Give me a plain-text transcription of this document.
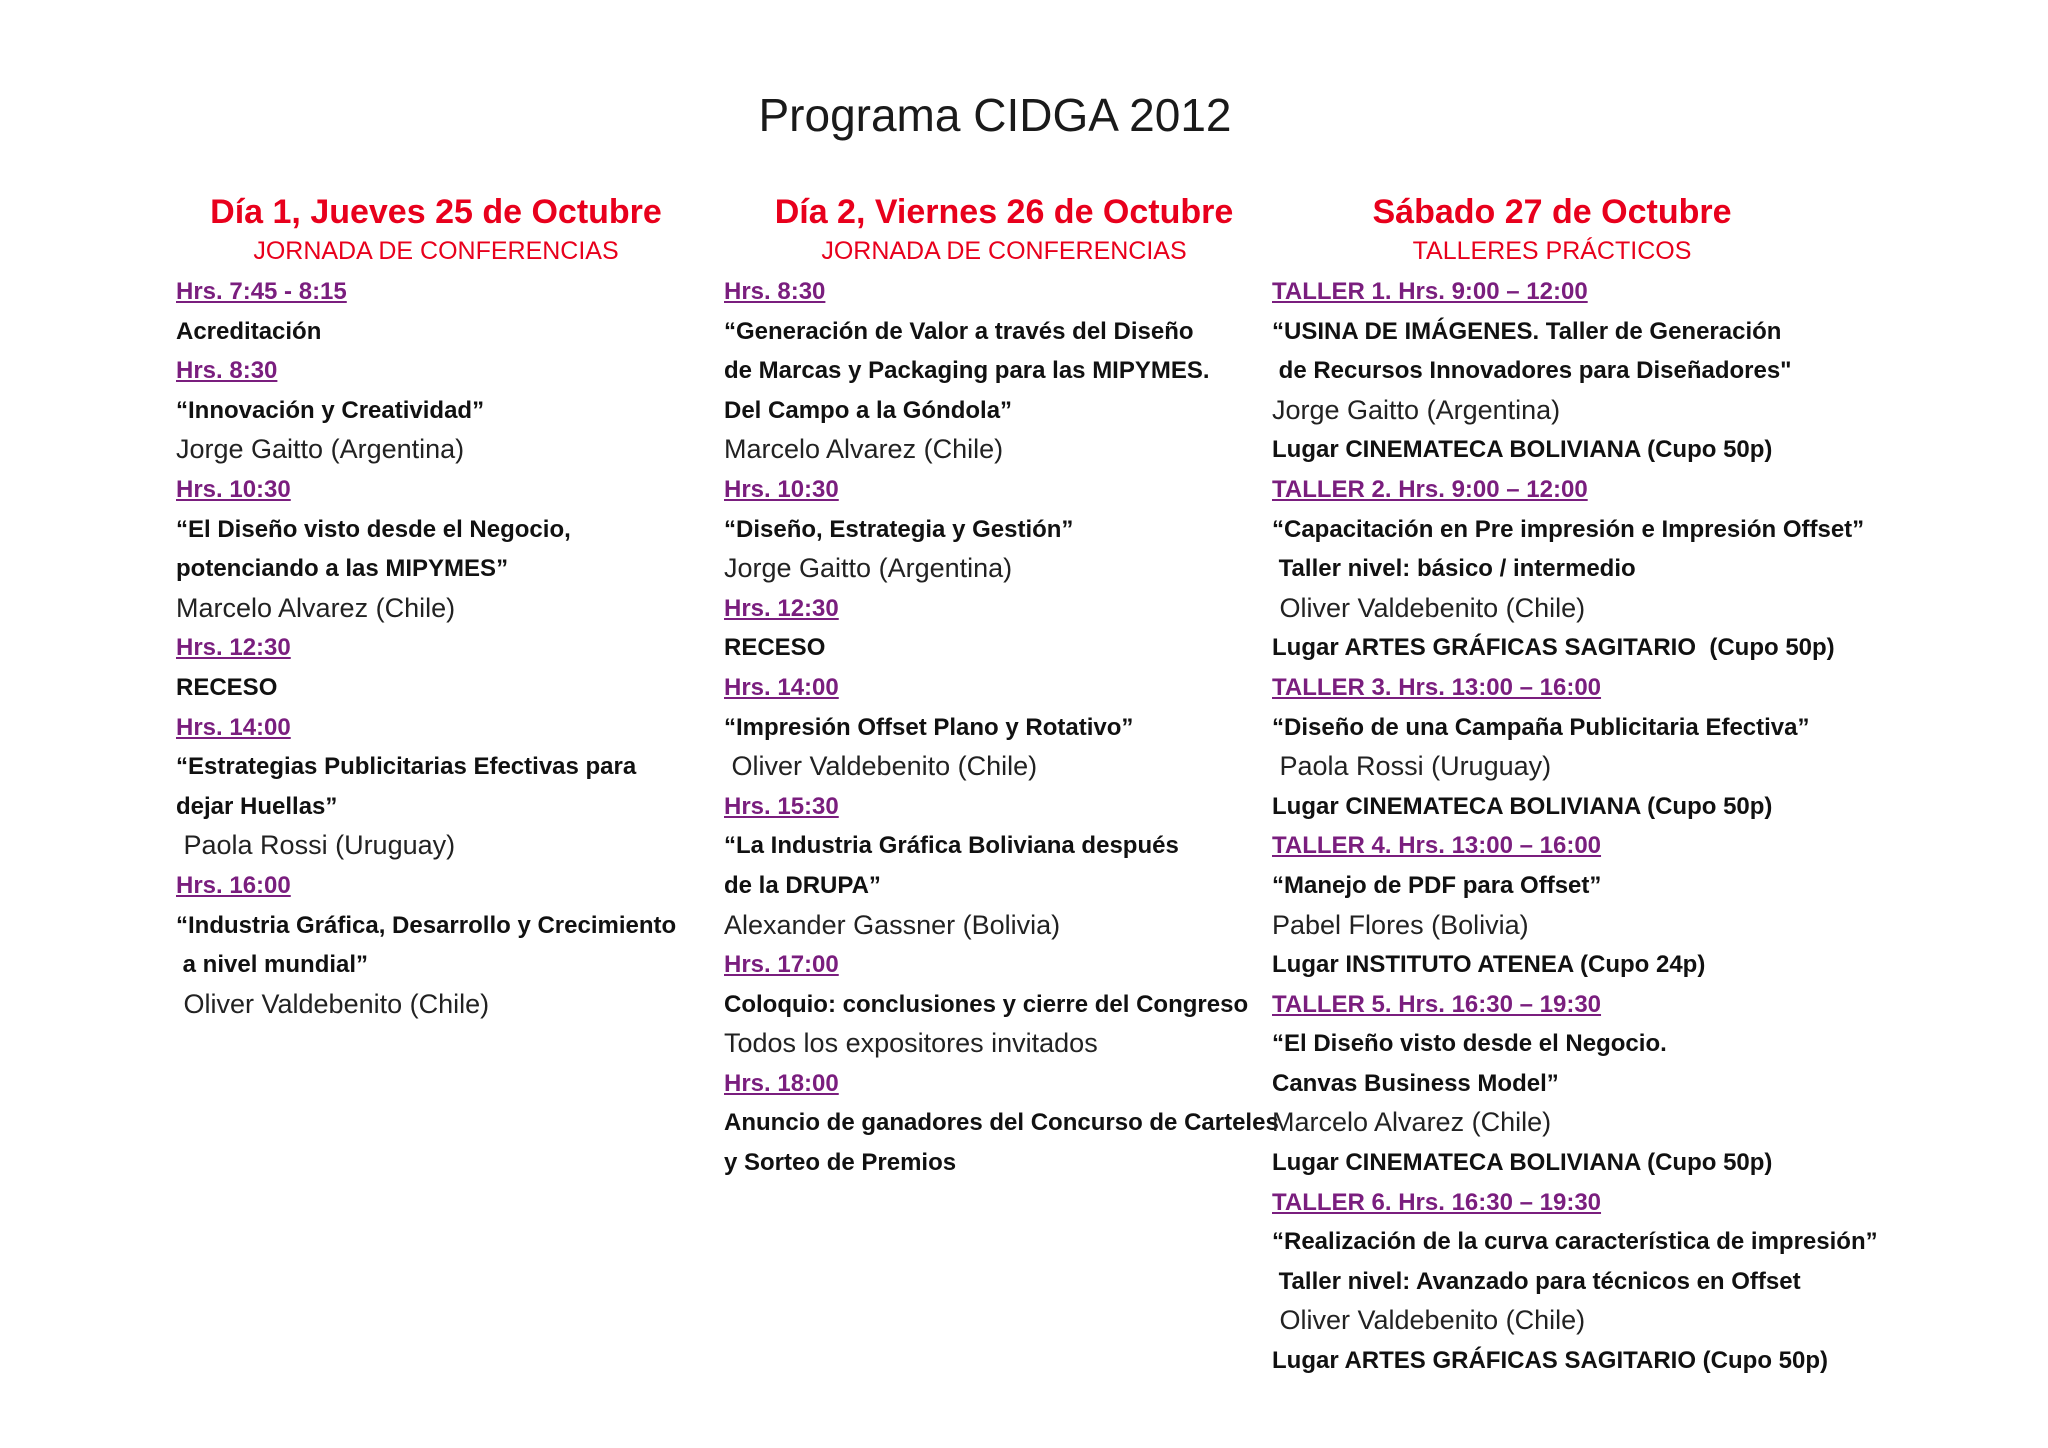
Programa CIDGA 2012
Día 1, Jueves 25 de Octubre
JORNADA DE CONFERENCIAS
Hrs. 7:45 - 8:15
Acreditación
Hrs. 8:30
“Innovación y Creatividad”
Jorge Gaitto (Argentina)
Hrs. 10:30
“El Diseño visto desde el Negocio,
potenciando a las MIPYMES”
Marcelo Alvarez (Chile)
Hrs. 12:30
RECESO
Hrs. 14:00
“Estrategias Publicitarias Efectivas para
dejar Huellas”
Paola Rossi (Uruguay)
Hrs. 16:00
“Industria Gráfica, Desarrollo y Crecimiento
a nivel mundial”
Oliver Valdebenito (Chile)
Día 2, Viernes 26 de Octubre
JORNADA DE CONFERENCIAS
Hrs. 8:30
“Generación de Valor a través del Diseño
de Marcas y Packaging para las MIPYMES.
Del Campo a la Góndola”
Marcelo Alvarez (Chile)
Hrs. 10:30
“Diseño, Estrategia y Gestión”
Jorge Gaitto (Argentina)
Hrs. 12:30
RECESO
Hrs. 14:00
“Impresión Offset Plano y Rotativo”
Oliver Valdebenito (Chile)
Hrs. 15:30
“La Industria Gráfica Boliviana después
de la DRUPA”
Alexander Gassner (Bolivia)
Hrs. 17:00
Coloquio: conclusiones y cierre del Congreso
Todos los expositores invitados
Hrs. 18:00
Anuncio de ganadores del Concurso de Carteles
y Sorteo de Premios
Sábado 27 de Octubre
TALLERES PRÁCTICOS
TALLER 1. Hrs. 9:00 – 12:00
“USINA DE IMÁGENES. Taller de Generación
de Recursos Innovadores para Diseñadores"
Jorge Gaitto (Argentina)
Lugar CINEMATECA BOLIVIANA (Cupo 50p)
TALLER 2. Hrs. 9:00 – 12:00
“Capacitación en Pre impresión e Impresión Offset”
Taller nivel: básico / intermedio
Oliver Valdebenito (Chile)
Lugar ARTES GRÁFICAS SAGITARIO  (Cupo 50p)
TALLER 3. Hrs. 13:00 – 16:00
“Diseño de una Campaña Publicitaria Efectiva”
Paola Rossi (Uruguay)
Lugar CINEMATECA BOLIVIANA (Cupo 50p)
TALLER 4. Hrs. 13:00 – 16:00
“Manejo de PDF para Offset”
Pabel Flores (Bolivia)
Lugar INSTITUTO ATENEA (Cupo 24p)
TALLER 5. Hrs. 16:30 – 19:30
“El Diseño visto desde el Negocio.
Canvas Business Model”
Marcelo Alvarez (Chile)
Lugar CINEMATECA BOLIVIANA (Cupo 50p)
TALLER 6. Hrs. 16:30 – 19:30
“Realización de la curva característica de impresión”
Taller nivel: Avanzado para técnicos en Offset
Oliver Valdebenito (Chile)
Lugar ARTES GRÁFICAS SAGITARIO (Cupo 50p)
